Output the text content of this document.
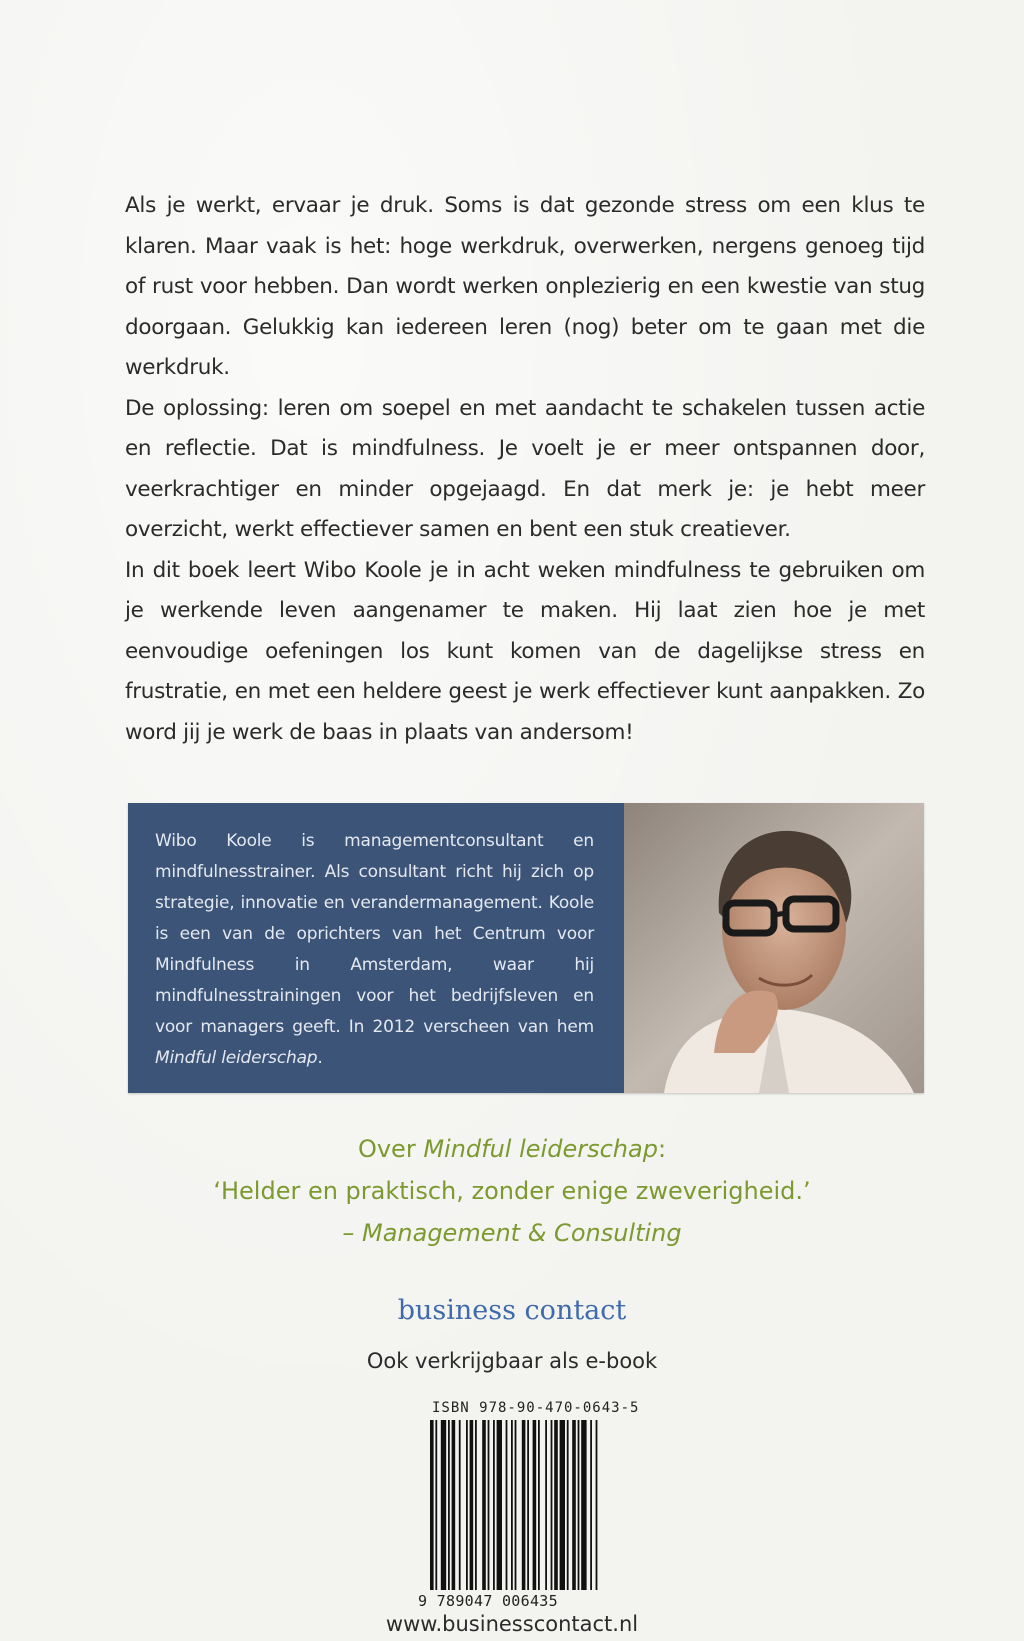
Als je werkt, ervaar je druk. Soms is dat gezonde stress om een klus te klaren. Maar vaak is het: hoge werkdruk, overwerken, nergens genoeg tijd of rust voor hebben. Dan wordt werken onplezierig en een kwestie van stug doorgaan. Gelukkig kan iedereen leren (nog) beter om te gaan met die werkdruk.

De oplossing: leren om soepel en met aandacht te schakelen tussen actie en reflectie. Dat is mindfulness. Je voelt je er meer ontspannen door, veerkrachtiger en minder opgejaagd. En dat merk je: je hebt meer overzicht, werkt effectiever samen en bent een stuk creatiever.

In dit boek leert Wibo Koole je in acht weken mindfulness te gebruiken om je werkende leven aangenamer te maken. Hij laat zien hoe je met eenvoudige oefeningen los kunt komen van de dagelijkse stress en frustratie, en met een heldere geest je werk effectiever kunt aanpakken. Zo word jij je werk de baas in plaats van andersom!

Wibo Koole is managementconsultant en mindfulnesstrainer. Als consultant richt hij zich op strategie, innovatie en verandermanagement. Koole is een van de oprichters van het Centrum voor Mindfulness in Amsterdam, waar hij mindfulnesstrainingen voor het bedrijfsleven en voor managers geeft. In 2012 verscheen van hem Mindful leiderschap.
Over Mindful leiderschap:
‘Helder en praktisch, zonder enige zweverigheid.’
– Management & Consulting
business contact
Ook verkrijgbaar als e-book
ISBN 978-90-470-0643-5
9 789047 006435
www.businesscontact.nl
